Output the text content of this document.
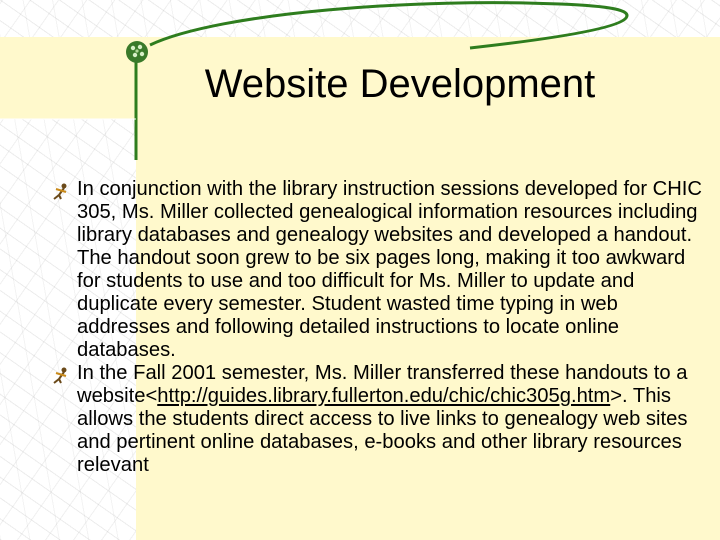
Website Development
In conjunction with the library instruction sessions developed for CHIC 305, Ms. Miller collected genealogical information resources including library databases and genealogy websites and developed a handout. The handout soon grew to be six pages long, making it too awkward for students to use and too difficult for Ms. Miller to update and duplicate every semester. Student wasted time typing in web addresses and following detailed instructions to locate online databases.
In the Fall 2001 semester, Ms. Miller transferred these handouts to a website<http://guides.library.fullerton.edu/chic/chic305g.htm>. This allows the students direct access to live links to genealogy web sites and pertinent online databases, e-books and other library resources relevant
